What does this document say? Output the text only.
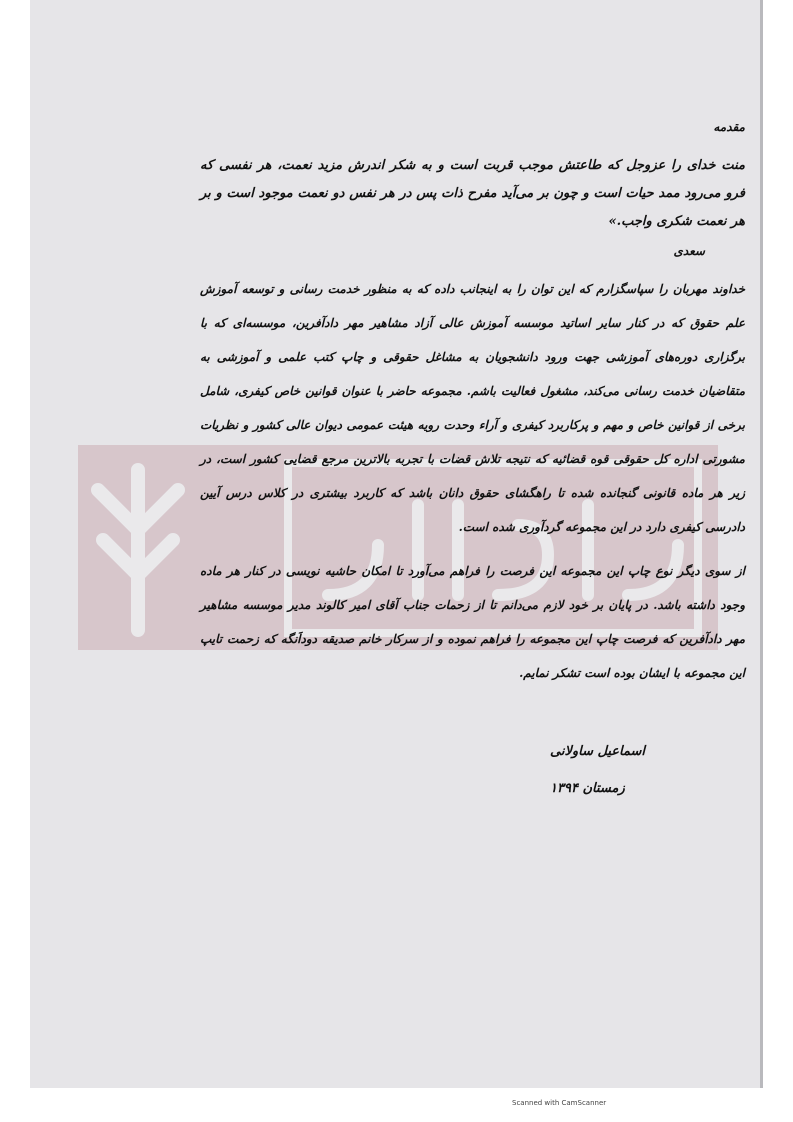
مقدمه

منت خدای را عزوجل که طاعتش موجب قربت است و به شکر اندرش مزید نعمت، هر نفسی که فرو می‌رود ممد حیات است و چون بر می‌آید مفرح ذات پس در هر نفس دو نعمت موجود است و بر هر نعمت شکری واجب.»

سعدی

خداوند مهربان را سپاسگزارم که این توان را به اینجانب داده که به منظور خدمت رسانی و توسعه آموزش علم حقوق که در کنار سایر اساتید موسسه آموزش عالی آزاد مشاهیر مهر دادآفرین، موسسه‌ای که با برگزاری دوره‌های آموزشی جهت ورود دانشجویان به مشاغل حقوقی و چاپ کتب علمی و آموزشی به متقاضیان خدمت رسانی می‌کند، مشغول فعالیت باشم. مجموعه حاضر با عنوان قوانین خاص کیفری، شامل برخی از قوانین خاص و مهم و پرکاربرد کیفری و آراء وحدت رویه هیئت عمومی دیوان عالی کشور و نظریات مشورتی اداره کل حقوقی قوه قضائیه که نتیجه تلاش قضات با تجربه بالاترین مرجع قضایی کشور است، در زیر هر ماده قانونی گنجانده شده تا راهگشای حقوق دانان باشد که کاربرد بیشتری در کلاس درس آیین دادرسی کیفری دارد در این مجموعه گردآوری شده است.

از سوی دیگر نوع چاپ این مجموعه این فرصت را فراهم می‌آورد تا امکان حاشیه نویسی در کنار هر ماده وجود داشته باشد. در پایان بر خود لازم می‌دانم تا از زحمات جناب آقای امیر کالوند مدیر موسسه مشاهیر مهر دادآفرین که فرصت چاپ این مجموعه را فراهم نموده و از سرکار خانم صدیقه دوداَنگه که زحمت تایپ این مجموعه با ایشان بوده است تشکر نمایم.

اسماعیل ساولانی
زمستان ۱۳۹۴
Scanned with CamScanner
